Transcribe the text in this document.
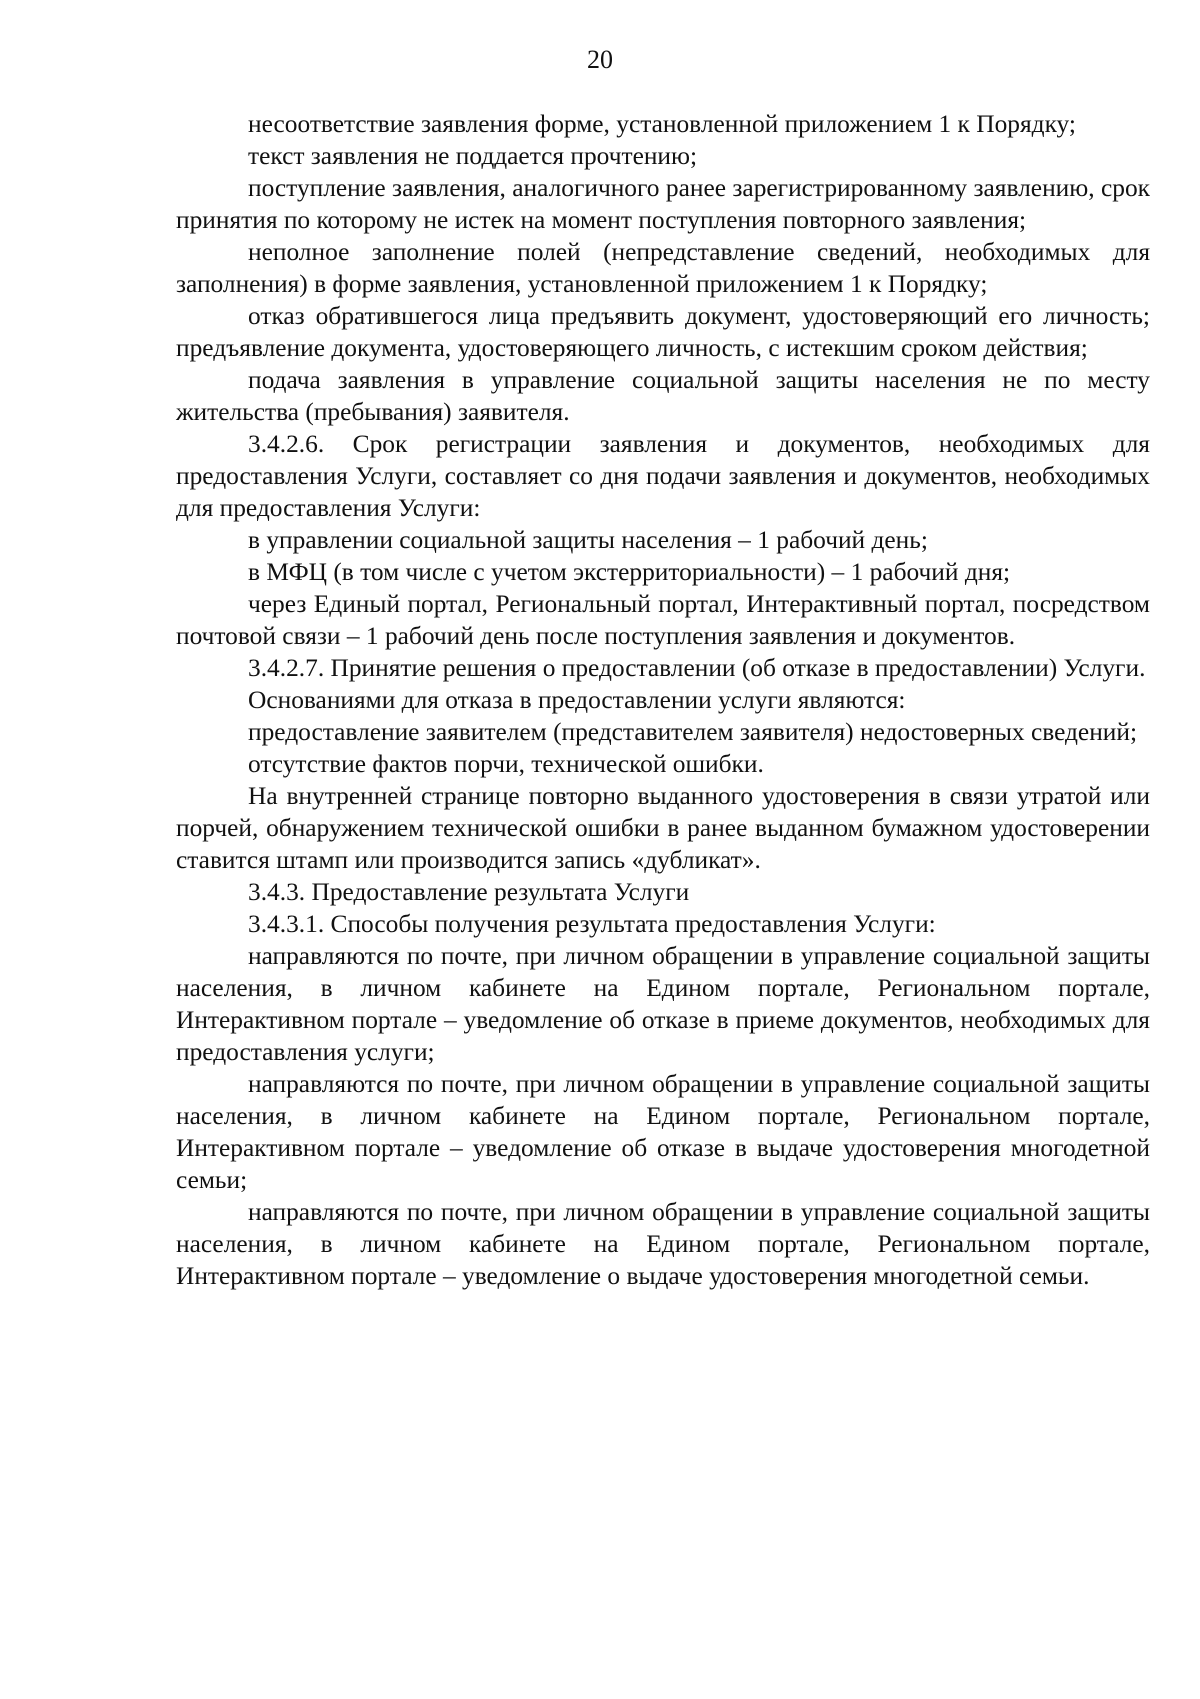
20

несоответствие заявления форме, установленной приложением 1 к Порядку;

текст заявления не поддается прочтению;

поступление заявления, аналогичного ранее зарегистрированному заявлению, срок принятия по которому не истек на момент поступления повторного заявления;

неполное заполнение полей (непредставление сведений, необходимых для заполнения) в форме заявления, установленной приложением 1 к Порядку;

отказ обратившегося лица предъявить документ, удостоверяющий его личность; предъявление документа, удостоверяющего личность, с истекшим сроком действия;

подача заявления в управление социальной защиты населения не по месту жительства (пребывания) заявителя.

3.4.2.6. Срок регистрации заявления и документов, необходимых для предоставления Услуги, составляет со дня подачи заявления и документов, необходимых для предоставления Услуги:

в управлении социальной защиты населения – 1 рабочий день;

в МФЦ (в том числе с учетом экстерриториальности) – 1 рабочий дня;

через Единый портал, Региональный портал, Интерактивный портал, посредством почтовой связи – 1 рабочий день после поступления заявления и документов.

3.4.2.7. Принятие решения о предоставлении (об отказе в предоставлении) Услуги.

Основаниями для отказа в предоставлении услуги являются:

предоставление заявителем (представителем заявителя) недостоверных сведений;

отсутствие фактов порчи, технической ошибки.

На внутренней странице повторно выданного удостоверения в связи утратой или порчей, обнаружением технической ошибки в ранее выданном бумажном удостоверении ставится штамп или производится запись «дубликат».

3.4.3. Предоставление результата Услуги

3.4.3.1. Способы получения результата предоставления Услуги:

направляются по почте, при личном обращении в управление социальной защиты населения, в личном кабинете на Едином портале, Региональном портале, Интерактивном портале – уведомление об отказе в приеме документов, необходимых для предоставления услуги;

направляются по почте, при личном обращении в управление социальной защиты населения, в личном кабинете на Едином портале, Региональном портале, Интерактивном портале – уведомление об отказе в выдаче удостоверения многодетной семьи;

направляются по почте, при личном обращении в управление социальной защиты населения, в личном кабинете на Едином портале, Региональном портале, Интерактивном портале – уведомление о выдаче удостоверения многодетной семьи.
